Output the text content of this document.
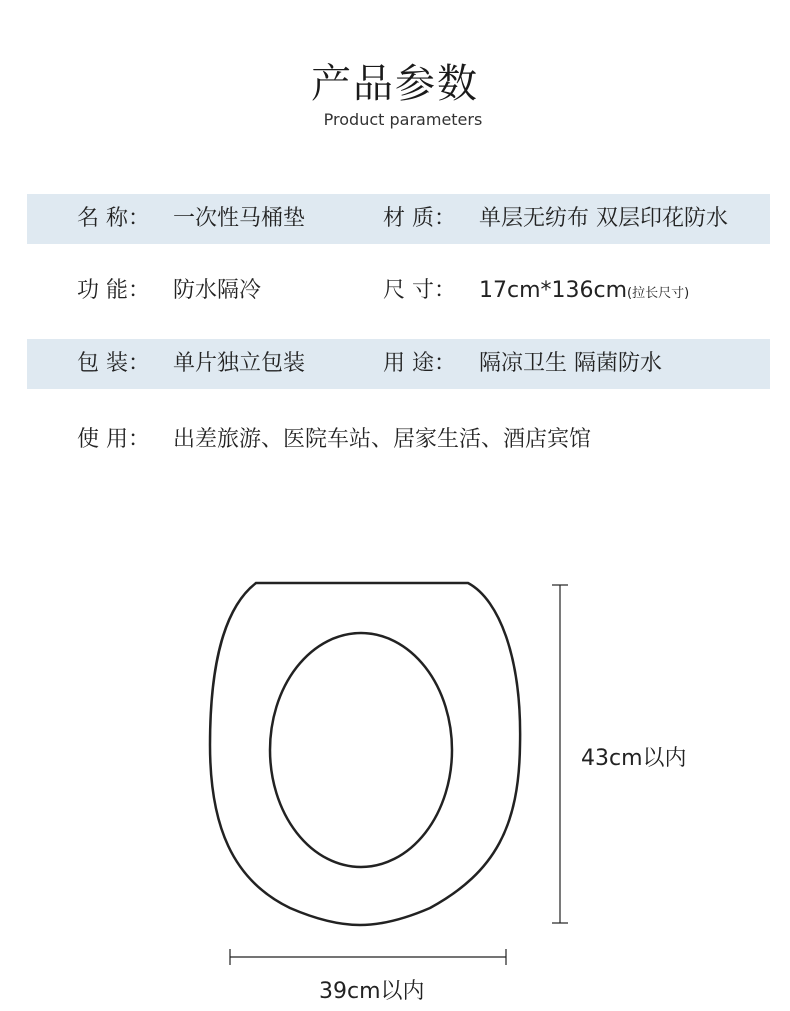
产品参数
Product parameters
名 称： 一次性马桶垫	材 质： 单层无纺布 双层印花防水
功 能： 防水隔冷	尺 寸： 17cm*136cm(拉长尺寸)
包 装： 单片独立包装	用 途： 隔凉卫生 隔菌防水
使 用： 出差旅游、医院车站、居家生活、酒店宾馆
43cm以内
39cm以内
